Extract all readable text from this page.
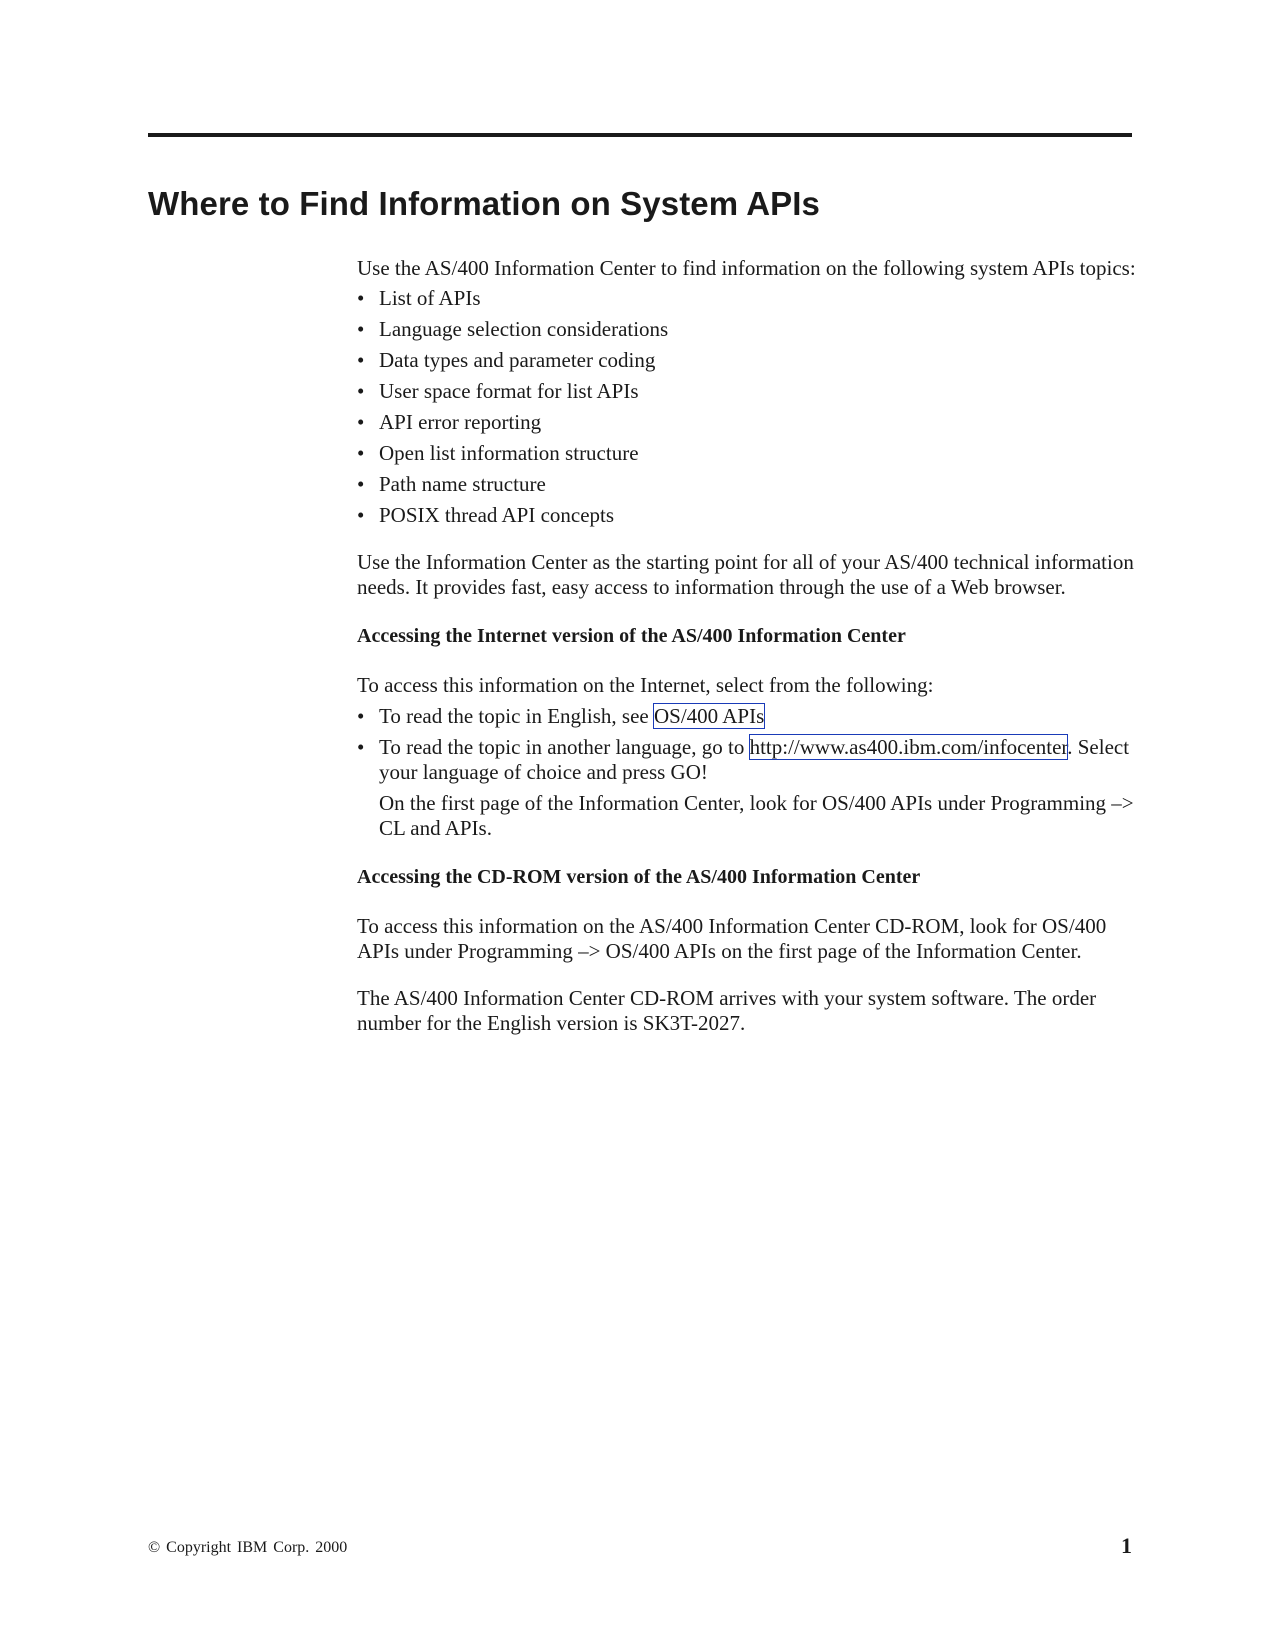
Where to Find Information on System APIs

Use the AS/400 Information Center to find information on the following system APIs topics:

• List of APIs
• Language selection considerations
• Data types and parameter coding
• User space format for list APIs
• API error reporting
• Open list information structure
• Path name structure
• POSIX thread API concepts

Use the Information Center as the starting point for all of your AS/400 technical information needs. It provides fast, easy access to information through the use of a Web browser.

Accessing the Internet version of the AS/400 Information Center

To access this information on the Internet, select from the following:

• To read the topic in English, see OS/400 APIs
• To read the topic in another language, go to http://www.as400.ibm.com/infocenter. Select your language of choice and press GO!
On the first page of the Information Center, look for OS/400 APIs under Programming –> CL and APIs.

Accessing the CD-ROM version of the AS/400 Information Center

To access this information on the AS/400 Information Center CD-ROM, look for OS/400 APIs under Programming –> OS/400 APIs on the first page of the Information Center.

The AS/400 Information Center CD-ROM arrives with your system software. The order number for the English version is SK3T-2027.

© Copyright IBM Corp. 2000	1
